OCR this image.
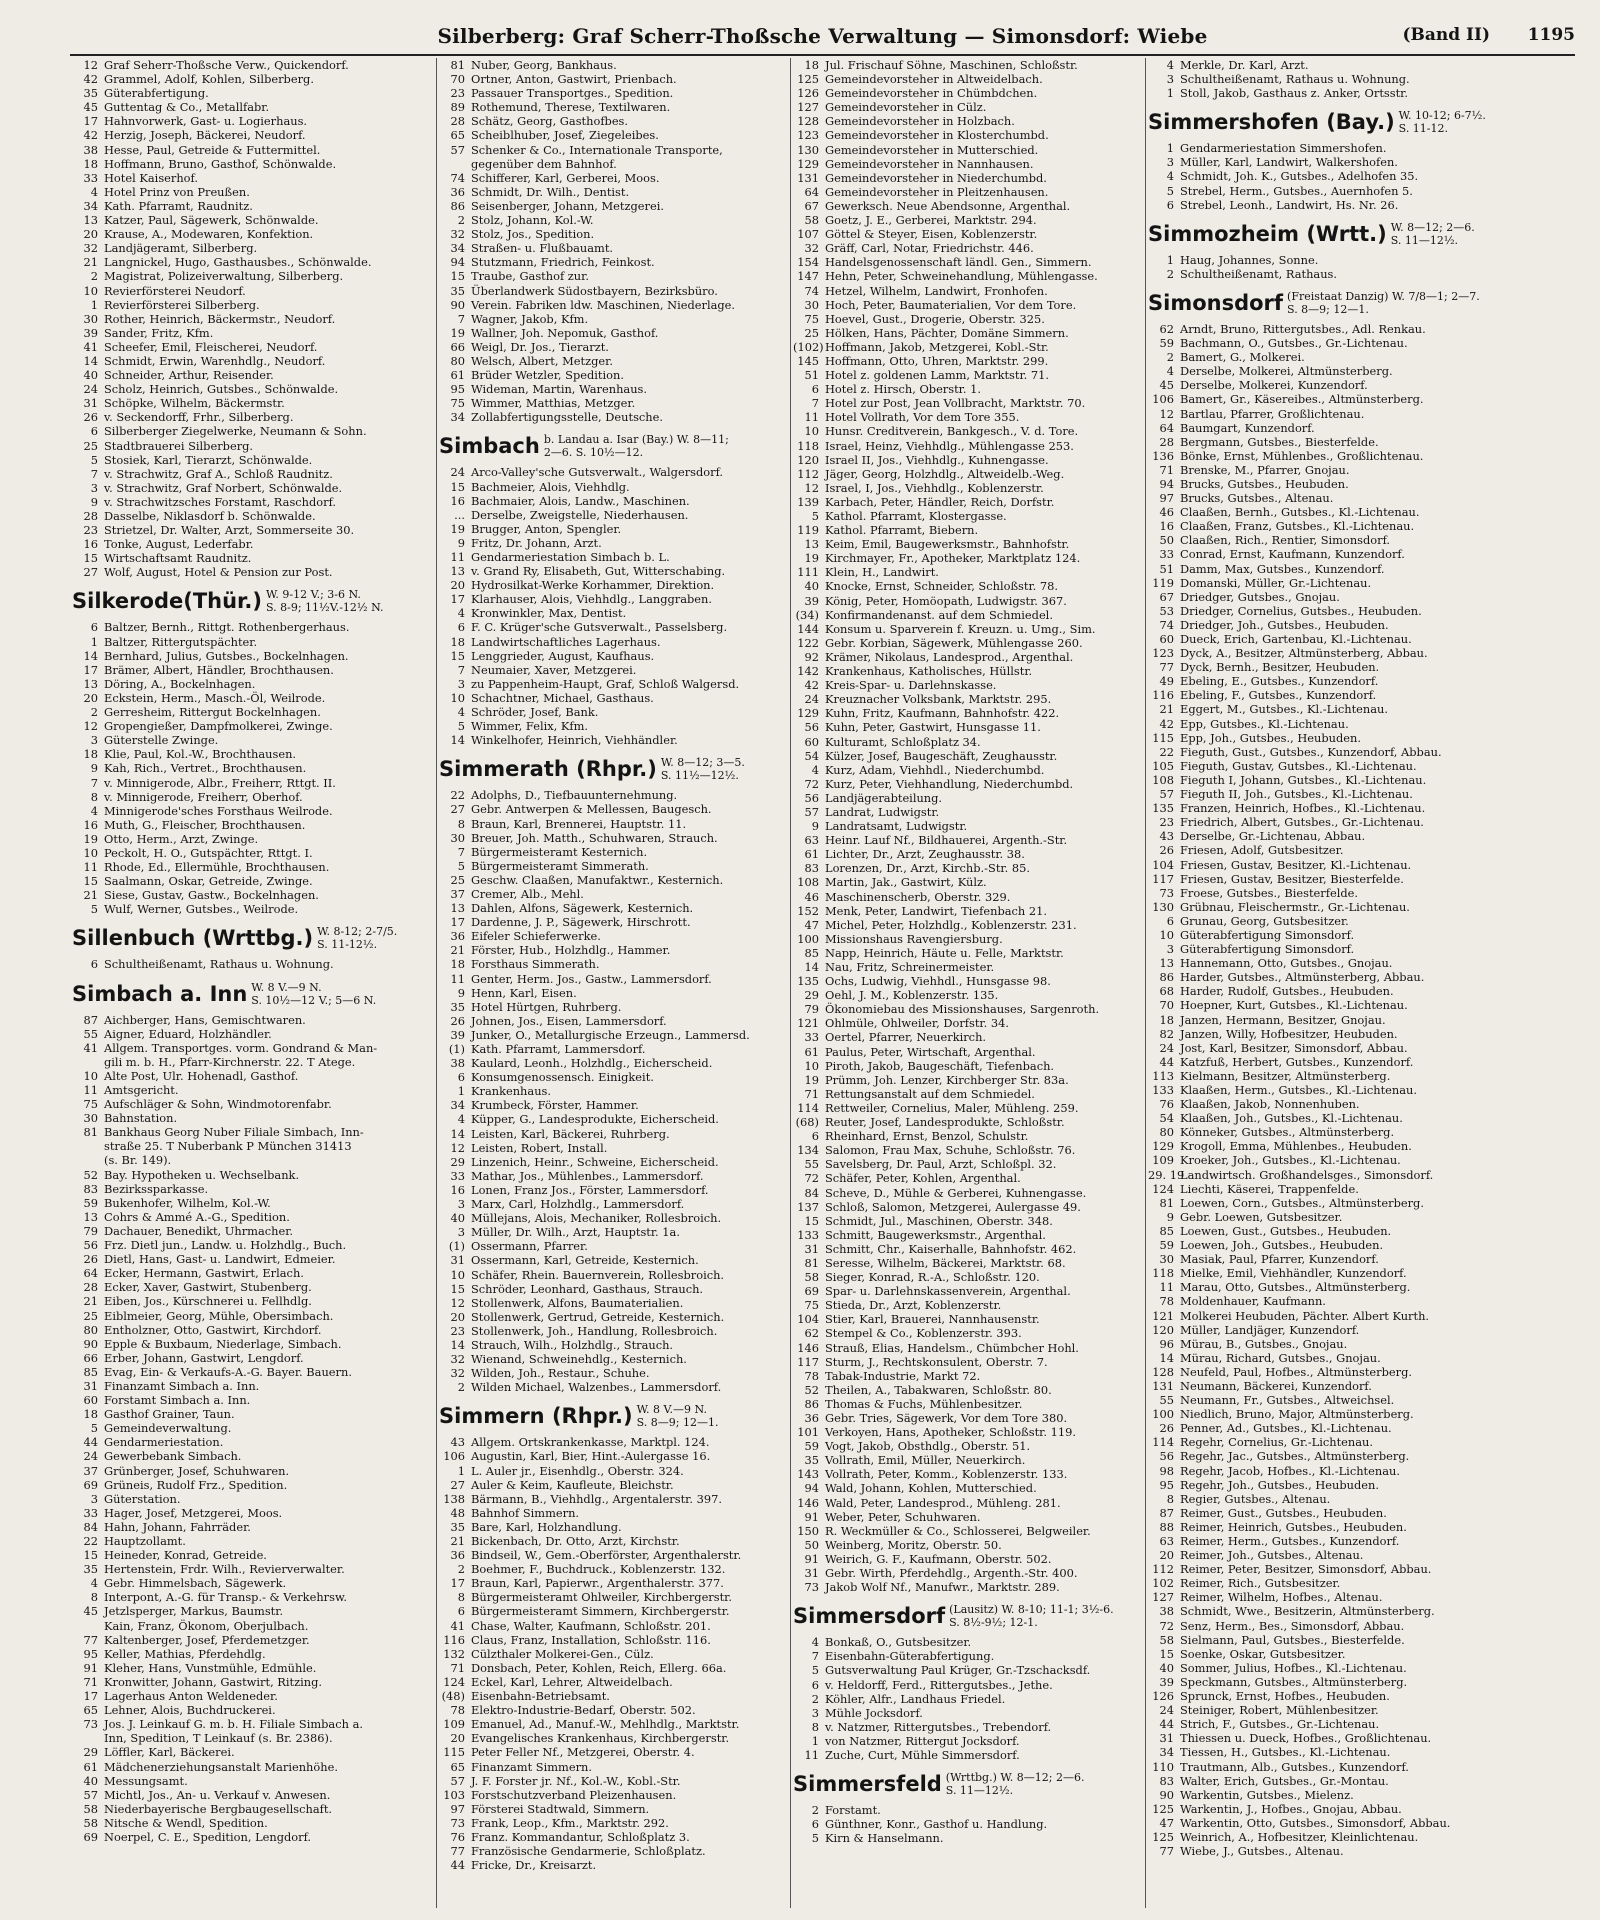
Silberberg: Graf Scherr-Thoßsche Verwaltung — Simonsdorf: Wiebe	(Band II) 1195
12 Graf Seherr-Thoßsche Verw., Quickendorf.
42 Grammel, Adolf, Kohlen, Silberberg.
35 Güterabfertigung.
45 Guttentag & Co., Metallfabr.
17 Hahnvorwerk, Gast- u. Logierhaus.
42 Herzig, Joseph, Bäckerei, Neudorf.
38 Hesse, Paul, Getreide & Futtermittel.
18 Hoffmann, Bruno, Gasthof, Schönwalde.
33 Hotel Kaiserhof.
4 Hotel Prinz von Preußen.
34 Kath. Pfarramt, Raudnitz.
13 Katzer, Paul, Sägewerk, Schönwalde.
20 Krause, A., Modewaren, Konfektion.
32 Landjägeramt, Silberberg.
21 Langnickel, Hugo, Gasthausbes., Schönwalde.
2 Magistrat, Polizeiverwaltung, Silberberg.
10 Revierförsterei Neudorf.
1 Revierförsterei Silberberg.
30 Rother, Heinrich, Bäckermstr., Neudorf.
39 Sander, Fritz, Kfm.
41 Scheefer, Emil, Fleischerei, Neudorf.
14 Schmidt, Erwin, Warenhdlg., Neudorf.
40 Schneider, Arthur, Reisender.
24 Scholz, Heinrich, Gutsbes., Schönwalde.
31 Schöpke, Wilhelm, Bäckermstr.
26 v. Seckendorff, Frhr., Silberberg.
6 Silberberger Ziegelwerke, Neumann & Sohn.
25 Stadtbrauerei Silberberg.
5 Stosiek, Karl, Tierarzt, Schönwalde.
7 v. Strachwitz, Graf A., Schloß Raudnitz.
3 v. Strachwitz, Graf Norbert, Schönwalde.
9 v. Strachwitzsches Forstamt, Raschdorf.
28 Dasselbe, Niklasdorf b. Schönwalde.
23 Strietzel, Dr. Walter, Arzt, Sommerseite 30.
16 Tonke, August, Lederfabr.
15 Wirtschaftsamt Raudnitz.
27 Wolf, August, Hotel & Pension zur Post.
Silkerode(Thür.) W. 9-12 V.; 3-6 N.
S. 8-9; 11½V.-12½ N.
6 Baltzer, Bernh., Rittgt. Rothenbergerhaus.
1 Baltzer, Rittergutspächter.
14 Bernhard, Julius, Gutsbes., Bockelnhagen.
17 Brämer, Albert, Händler, Brochthausen.
13 Döring, A., Bockelnhagen.
20 Eckstein, Herm., Masch.-Öl, Weilrode.
2 Gerresheim, Rittergut Bockelnhagen.
12 Gropengießer, Dampfmolkerei, Zwinge.
3 Güterstelle Zwinge.
18 Klie, Paul, Kol.-W., Brochthausen.
9 Kah, Rich., Vertret., Brochthausen.
7 v. Minnigerode, Albr., Freiherr, Rttgt. II.
8 v. Minnigerode, Freiherr, Oberhof.
4 Minnigerode'sches Forsthaus Weilrode.
16 Muth, G., Fleischer, Brochthausen.
19 Otto, Herm., Arzt, Zwinge.
10 Peckolt, H. O., Gutspächter, Rttgt. I.
11 Rhode, Ed., Ellermühle, Brochthausen.
15 Saalmann, Oskar, Getreide, Zwinge.
21 Siese, Gustav, Gastw., Bockelnhagen.
5 Wulf, Werner, Gutsbes., Weilrode.
Sillenbuch (Wrttbg.) W. 8-12; 2-7/5.
S. 11-12½.
6 Schultheißenamt, Rathaus u. Wohnung.
Simbach a. Inn W. 8 V.—9 N.
S. 10½—12 V.; 5—6 N.
87 Aichberger, Hans, Gemischtwaren.
55 Aigner, Eduard, Holzhändler.
41 Allgem. Transportges. vorm. Gondrand & Man-
gili m. b. H., Pfarr-Kirchnerstr. 22. T Atege.
10 Alte Post, Ulr. Hohenadl, Gasthof.
11 Amtsgericht.
75 Aufschläger & Sohn, Windmotorenfabr.
30 Bahnstation.
81 Bankhaus Georg Nuber Filiale Simbach, Inn-
straße 25. T Nuberbank P München 31413
(s. Br. 149).
52 Bay. Hypotheken u. Wechselbank.
83 Bezirkssparkasse.
59 Bukenhofer, Wilhelm, Kol.-W.
13 Cohrs & Ammé A.-G., Spedition.
79 Dachauer, Benedikt, Uhrmacher.
56 Frz. Dietl jun., Landw. u. Holzhdlg., Buch.
26 Dietl, Hans, Gast- u. Landwirt, Edmeier.
64 Ecker, Hermann, Gastwirt, Erlach.
28 Ecker, Xaver, Gastwirt, Stubenberg.
21 Eiben, Jos., Kürschnerei u. Fellhdlg.
25 Eiblmeier, Georg, Mühle, Obersimbach.
80 Entholzner, Otto, Gastwirt, Kirchdorf.
90 Epple & Buxbaum, Niederlage, Simbach.
66 Erber, Johann, Gastwirt, Lengdorf.
85 Evag, Ein- & Verkaufs-A.-G. Bayer. Bauern.
31 Finanzamt Simbach a. Inn.
60 Forstamt Simbach a. Inn.
18 Gasthof Grainer, Taun.
5 Gemeindeverwaltung.
44 Gendarmeriestation.
24 Gewerbebank Simbach.
37 Grünberger, Josef, Schuhwaren.
69 Grüneis, Rudolf Frz., Spedition.
3 Güterstation.
33 Hager, Josef, Metzgerei, Moos.
84 Hahn, Johann, Fahrräder.
22 Hauptzollamt.
15 Heineder, Konrad, Getreide.
35 Hertenstein, Frdr. Wilh., Revierverwalter.
4 Gebr. Himmelsbach, Sägewerk.
8 Interpont, A.-G. für Transp.- & Verkehrsw.
45 Jetzlsperger, Markus, Baumstr.
Kain, Franz, Ökonom, Oberjulbach.
77 Kaltenberger, Josef, Pferdemetzger.
95 Keller, Mathias, Pferdehdlg.
91 Kleher, Hans, Vunstmühle, Edmühle.
71 Kronwitter, Johann, Gastwirt, Ritzing.
17 Lagerhaus Anton Weldeneder.
65 Lehner, Alois, Buchdruckerei.
73 Jos. J. Leinkauf G. m. b. H. Filiale Simbach a.
Inn, Spedition, T Leinkauf (s. Br. 2386).
29 Löffler, Karl, Bäckerei.
61 Mädchenerziehungsanstalt Marienhöhe.
40 Messungsamt.
57 Michtl, Jos., An- u. Verkauf v. Anwesen.
58 Niederbayerische Bergbaugesellschaft.
58 Nitsche & Wendl, Spedition.
69 Noerpel, C. E., Spedition, Lengdorf.
81 Nuber, Georg, Bankhaus.
70 Ortner, Anton, Gastwirt, Prienbach.
23 Passauer Transportges., Spedition.
89 Rothemund, Therese, Textilwaren.
28 Schätz, Georg, Gasthofbes.
65 Scheiblhuber, Josef, Ziegeleibes.
57 Schenker & Co., Internationale Transporte,
gegenüber dem Bahnhof.
74 Schifferer, Karl, Gerberei, Moos.
36 Schmidt, Dr. Wilh., Dentist.
86 Seisenberger, Johann, Metzgerei.
2 Stolz, Johann, Kol.-W.
32 Stolz, Jos., Spedition.
34 Straßen- u. Flußbauamt.
94 Stutzmann, Friedrich, Feinkost.
15 Traube, Gasthof zur.
35 Überlandwerk Südostbayern, Bezirksbüro.
90 Verein. Fabriken ldw. Maschinen, Niederlage.
7 Wagner, Jakob, Kfm.
19 Wallner, Joh. Nepomuk, Gasthof.
66 Weigl, Dr. Jos., Tierarzt.
80 Welsch, Albert, Metzger.
61 Brüder Wetzler, Spedition.
95 Wideman, Martin, Warenhaus.
75 Wimmer, Matthias, Metzger.
34 Zollabfertigungsstelle, Deutsche.
Simbach b. Landau a. Isar (Bay.) W. 8—11;
2—6. S. 10½—12.
24 Arco-Valley'sche Gutsverwalt., Walgersdorf.
15 Bachmeier, Alois, Viehhdlg.
16 Bachmaier, Alois, Landw., Maschinen.
... Derselbe, Zweigstelle, Niederhausen.
19 Brugger, Anton, Spengler.
9 Fritz, Dr. Johann, Arzt.
11 Gendarmeriestation Simbach b. L.
13 v. Grand Ry, Elisabeth, Gut, Witterschabing.
20 Hydrosilkat-Werke Korhammer, Direktion.
17 Klarhauser, Alois, Viehhdlg., Langgraben.
4 Kronwinkler, Max, Dentist.
6 F. C. Krüger'sche Gutsverwalt., Passelsberg.
18 Landwirtschaftliches Lagerhaus.
15 Lenggrieder, August, Kaufhaus.
7 Neumaier, Xaver, Metzgerei.
3 zu Pappenheim-Haupt, Graf, Schloß Walgersd.
10 Schachtner, Michael, Gasthaus.
4 Schröder, Josef, Bank.
5 Wimmer, Felix, Kfm.
14 Winkelhofer, Heinrich, Viehhändler.
Simmerath (Rhpr.) W. 8—12; 3—5.
S. 11½—12½.
22 Adolphs, D., Tiefbauunternehmung.
27 Gebr. Antwerpen & Mellessen, Baugesch.
8 Braun, Karl, Brennerei, Hauptstr. 11.
30 Breuer, Joh. Matth., Schuhwaren, Strauch.
7 Bürgermeisteramt Kesternich.
5 Bürgermeisteramt Simmerath.
25 Geschw. Claaßen, Manufaktwr., Kesternich.
37 Cremer, Alb., Mehl.
13 Dahlen, Alfons, Sägewerk, Kesternich.
17 Dardenne, J. P., Sägewerk, Hirschrott.
36 Eifeler Schieferwerke.
21 Förster, Hub., Holzhdlg., Hammer.
18 Forsthaus Simmerath.
11 Genter, Herm. Jos., Gastw., Lammersdorf.
9 Henn, Karl, Eisen.
35 Hotel Hürtgen, Ruhrberg.
26 Johnen, Jos., Eisen, Lammersdorf.
39 Junker, O., Metallurgische Erzeugn., Lammersd.
(1) Kath. Pfarramt, Lammersdorf.
38 Kaulard, Leonh., Holzhdlg., Eicherscheid.
6 Konsumgenossensch. Einigkeit.
1 Krankenhaus.
34 Krumbeck, Förster, Hammer.
4 Küpper, G., Landesprodukte, Eicherscheid.
14 Leisten, Karl, Bäckerei, Ruhrberg.
12 Leisten, Robert, Install.
29 Linzenich, Heinr., Schweine, Eicherscheid.
33 Mathar, Jos., Mühlenbes., Lammersdorf.
16 Lonen, Franz Jos., Förster, Lammersdorf.
3 Marx, Carl, Holzhdlg., Lammersdorf.
40 Müllejans, Alois, Mechaniker, Rollesbroich.
3 Müller, Dr. Wilh., Arzt, Hauptstr. 1a.
(1) Ossermann, Pfarrer.
31 Ossermann, Karl, Getreide, Kesternich.
10 Schäfer, Rhein. Bauernverein, Rollesbroich.
15 Schröder, Leonhard, Gasthaus, Strauch.
12 Stollenwerk, Alfons, Baumaterialien.
20 Stollenwerk, Gertrud, Getreide, Kesternich.
23 Stollenwerk, Joh., Handlung, Rollesbroich.
14 Strauch, Wilh., Holzhdlg., Strauch.
32 Wienand, Schweinehdlg., Kesternich.
32 Wilden, Joh., Restaur., Schuhe.
2 Wilden Michael, Walzenbes., Lammersdorf.
Simmern (Rhpr.) W. 8 V.—9 N.
S. 8—9; 12—1.
43 Allgem. Ortskrankenkasse, Marktpl. 124.
106 Augustin, Karl, Bier, Hint.-Aulergasse 16.
1 L. Auler jr., Eisenhdlg., Oberstr. 324.
27 Auler & Keim, Kaufleute, Bleichstr.
138 Bärmann, B., Viehhdlg., Argentalerstr. 397.
48 Bahnhof Simmern.
35 Bare, Karl, Holzhandlung.
21 Bickenbach, Dr. Otto, Arzt, Kirchstr.
36 Bindseil, W., Gem.-Oberförster, Argenthalerstr.
2 Boehmer, F., Buchdruck., Koblenzerstr. 132.
17 Braun, Karl, Papierwr., Argenthalerstr. 377.
8 Bürgermeisteramt Ohlweiler, Kirchbergerstr.
6 Bürgermeisteramt Simmern, Kirchbergerstr.
41 Chase, Walter, Kaufmann, Schloßstr. 201.
116 Claus, Franz, Installation, Schloßstr. 116.
132 Cülzthaler Molkerei-Gen., Cülz.
71 Donsbach, Peter, Kohlen, Reich, Ellerg. 66a.
124 Eckel, Karl, Lehrer, Altweidelbach.
(48) Eisenbahn-Betriebsamt.
78 Elektro-Industrie-Bedarf, Oberstr. 502.
109 Emanuel, Ad., Manuf.-W., Mehlhdlg., Marktstr.
20 Evangelisches Krankenhaus, Kirchbergerstr.
115 Peter Feller Nf., Metzgerei, Oberstr. 4.
65 Finanzamt Simmern.
57 J. F. Forster jr. Nf., Kol.-W., Kobl.-Str.
103 Forstschutzverband Pleizenhausen.
97 Försterei Stadtwald, Simmern.
73 Frank, Leop., Kfm., Marktstr. 292.
76 Franz. Kommandantur, Schloßplatz 3.
77 Französische Gendarmerie, Schloßplatz.
44 Fricke, Dr., Kreisarzt.
18 Jul. Frischauf Söhne, Maschinen, Schloßstr.
125 Gemeindevorsteher in Altweidelbach.
126 Gemeindevorsteher in Chümbdchen.
127 Gemeindevorsteher in Cülz.
128 Gemeindevorsteher in Holzbach.
123 Gemeindevorsteher in Klosterchumbd.
130 Gemeindevorsteher in Mutterschied.
129 Gemeindevorsteher in Nannhausen.
131 Gemeindevorsteher in Niederchumbd.
64 Gemeindevorsteher in Pleitzenhausen.
67 Gewerksch. Neue Abendsonne, Argenthal.
58 Goetz, J. E., Gerberei, Marktstr. 294.
107 Göttel & Steyer, Eisen, Koblenzerstr.
32 Gräff, Carl, Notar, Friedrichstr. 446.
154 Handelsgenossenschaft ländl. Gen., Simmern.
147 Hehn, Peter, Schweinehandlung, Mühlengasse.
74 Hetzel, Wilhelm, Landwirt, Fronhofen.
30 Hoch, Peter, Baumaterialien, Vor dem Tore.
75 Hoevel, Gust., Drogerie, Oberstr. 325.
25 Hölken, Hans, Pächter, Domäne Simmern.
(102)Hoffmann, Jakob, Metzgerei, Kobl.-Str.
145 Hoffmann, Otto, Uhren, Marktstr. 299.
51 Hotel z. goldenen Lamm, Marktstr. 71.
6 Hotel z. Hirsch, Oberstr. 1.
7 Hotel zur Post, Jean Vollbracht, Marktstr. 70.
11 Hotel Vollrath, Vor dem Tore 355.
10 Hunsr. Creditverein, Bankgesch., V. d. Tore.
118 Israel, Heinz, Viehhdlg., Mühlengasse 253.
120 Israel II, Jos., Viehhdlg., Kuhnengasse.
112 Jäger, Georg, Holzhdlg., Altweidelb.-Weg.
12 Israel, I, Jos., Viehhdlg., Koblenzerstr.
139 Karbach, Peter, Händler, Reich, Dorfstr.
5 Kathol. Pfarramt, Klostergasse.
119 Kathol. Pfarramt, Biebern.
13 Keim, Emil, Baugewerksmstr., Bahnhofstr.
19 Kirchmayer, Fr., Apotheker, Marktplatz 124.
111 Klein, H., Landwirt.
40 Knocke, Ernst, Schneider, Schloßstr. 78.
39 König, Peter, Homöopath, Ludwigstr. 367.
(34) Konfirmandenanst. auf dem Schmiedel.
144 Konsum u. Sparverein f. Kreuzn. u. Umg., Sim.
122 Gebr. Korbian, Sägewerk, Mühlengasse 260.
92 Krämer, Nikolaus, Landesprod., Argenthal.
142 Krankenhaus, Katholisches, Hüllstr.
42 Kreis-Spar- u. Darlehnskasse.
24 Kreuznacher Volksbank, Marktstr. 295.
129 Kuhn, Fritz, Kaufmann, Bahnhofstr. 422.
56 Kuhn, Peter, Gastwirt, Hunsgasse 11.
60 Kulturamt, Schloßplatz 34.
54 Külzer, Josef, Baugeschäft, Zeughausstr.
4 Kurz, Adam, Viehhdl., Niederchumbd.
72 Kurz, Peter, Viehhandlung, Niederchumbd.
56 Landjägerabteilung.
57 Landrat, Ludwigstr.
9 Landratsamt, Ludwigstr.
63 Heinr. Lauf Nf., Bildhauerei, Argenth.-Str.
61 Lichter, Dr., Arzt, Zeughausstr. 38.
83 Lorenzen, Dr., Arzt, Kirchb.-Str. 85.
108 Martin, Jak., Gastwirt, Külz.
46 Maschinenscherb, Oberstr. 329.
152 Menk, Peter, Landwirt, Tiefenbach 21.
47 Michel, Peter, Holzhdlg., Koblenzerstr. 231.
100 Missionshaus Ravengiersburg.
85 Napp, Heinrich, Häute u. Felle, Marktstr.
14 Nau, Fritz, Schreinermeister.
135 Ochs, Ludwig, Viehhdl., Hunsgasse 98.
29 Oehl, J. M., Koblenzerstr. 135.
79 Ökonomiebau des Missionshauses, Sargenroth.
121 Ohlmüle, Ohlweiler, Dorfstr. 34.
33 Oertel, Pfarrer, Neuerkirch.
61 Paulus, Peter, Wirtschaft, Argenthal.
10 Piroth, Jakob, Baugeschäft, Tiefenbach.
19 Prümm, Joh. Lenzer, Kirchberger Str. 83a.
71 Rettungsanstalt auf dem Schmiedel.
114 Rettweiler, Cornelius, Maler, Mühleng. 259.
(68) Reuter, Josef, Landesprodukte, Schloßstr.
6 Rheinhard, Ernst, Benzol, Schulstr.
134 Salomon, Frau Max, Schuhe, Schloßstr. 76.
55 Savelsberg, Dr. Paul, Arzt, Schloßpl. 32.
72 Schäfer, Peter, Kohlen, Argenthal.
84 Scheve, D., Mühle & Gerberei, Kuhnengasse.
137 Schloß, Salomon, Metzgerei, Aulergasse 49.
15 Schmidt, Jul., Maschinen, Oberstr. 348.
133 Schmitt, Baugewerksmstr., Argenthal.
31 Schmitt, Chr., Kaiserhalle, Bahnhofstr. 462.
81 Seresse, Wilhelm, Bäckerei, Marktstr. 68.
58 Sieger, Konrad, R.-A., Schloßstr. 120.
69 Spar- u. Darlehnskassenverein, Argenthal.
75 Stieda, Dr., Arzt, Koblenzerstr.
104 Stier, Karl, Brauerei, Nannhausenstr.
62 Stempel & Co., Koblenzerstr. 393.
146 Strauß, Elias, Handelsm., Chümbcher Hohl.
117 Sturm, J., Rechtskonsulent, Oberstr. 7.
78 Tabak-Industrie, Markt 72.
52 Theilen, A., Tabakwaren, Schloßstr. 80.
86 Thomas & Fuchs, Mühlenbesitzer.
36 Gebr. Tries, Sägewerk, Vor dem Tore 380.
101 Verkoyen, Hans, Apotheker, Schloßstr. 119.
59 Vogt, Jakob, Obsthdlg., Oberstr. 51.
35 Vollrath, Emil, Müller, Neuerkirch.
143 Vollrath, Peter, Komm., Koblenzerstr. 133.
94 Wald, Johann, Kohlen, Mutterschied.
146 Wald, Peter, Landesprod., Mühleng. 281.
91 Weber, Peter, Schuhwaren.
150 R. Weckmüller & Co., Schlosserei, Belgweiler.
50 Weinberg, Moritz, Oberstr. 50.
91 Weirich, G. F., Kaufmann, Oberstr. 502.
31 Gebr. Wirth, Pferdehdlg., Argenth.-Str. 400.
73 Jakob Wolf Nf., Manufwr., Marktstr. 289.
Simmersdorf (Lausitz) W. 8-10; 11-1; 3½-6.
S. 8½-9½; 12-1.
4 Bonkaß, O., Gutsbesitzer.
7 Eisenbahn-Güterabfertigung.
5 Gutsverwaltung Paul Krüger, Gr.-Tzschacksdf.
6 v. Heldorff, Ferd., Rittergutsbes., Jethe.
2 Köhler, Alfr., Landhaus Friedel.
3 Mühle Jocksdorf.
8 v. Natzmer, Rittergutsbes., Trebendorf.
1 von Natzmer, Rittergut Jocksdorf.
11 Zuche, Curt, Mühle Simmersdorf.
Simmersfeld (Wrttbg.) W. 8—12; 2—6.
S. 11—12½.
2 Forstamt.
6 Günthner, Konr., Gasthof u. Handlung.
5 Kirn & Hanselmann.
4 Merkle, Dr. Karl, Arzt.
3 Schultheißenamt, Rathaus u. Wohnung.
1 Stoll, Jakob, Gasthaus z. Anker, Ortsstr.
Simmershofen (Bay.) W. 10-12; 6-7½.
S. 11-12.
1 Gendarmeriestation Simmershofen.
3 Müller, Karl, Landwirt, Walkershofen.
4 Schmidt, Joh. K., Gutsbes., Adelhofen 35.
5 Strebel, Herm., Gutsbes., Auernhofen 5.
6 Strebel, Leonh., Landwirt, Hs. Nr. 26.
Simmozheim (Wrtt.) W. 8—12; 2—6.
S. 11—12½.
1 Haug, Johannes, Sonne.
2 Schultheißenamt, Rathaus.
Simonsdorf (Freistaat Danzig) W. 7/8—1; 2—7.
S. 8—9; 12—1.
62 Arndt, Bruno, Rittergutsbes., Adl. Renkau.
59 Bachmann, O., Gutsbes., Gr.-Lichtenau.
2 Bamert, G., Molkerei.
4 Derselbe, Molkerei, Altmünsterberg.
45 Derselbe, Molkerei, Kunzendorf.
106 Bamert, Gr., Käsereibes., Altmünsterberg.
12 Bartlau, Pfarrer, Großlichtenau.
64 Baumgart, Kunzendorf.
28 Bergmann, Gutsbes., Biesterfelde.
136 Bönke, Ernst, Mühlenbes., Großlichtenau.
71 Brenske, M., Pfarrer, Gnojau.
94 Brucks, Gutsbes., Heubuden.
97 Brucks, Gutsbes., Altenau.
46 Claaßen, Bernh., Gutsbes., Kl.-Lichtenau.
16 Claaßen, Franz, Gutsbes., Kl.-Lichtenau.
50 Claaßen, Rich., Rentier, Simonsdorf.
33 Conrad, Ernst, Kaufmann, Kunzendorf.
51 Damm, Max, Gutsbes., Kunzendorf.
119 Domanski, Müller, Gr.-Lichtenau.
67 Driedger, Gutsbes., Gnojau.
53 Driedger, Cornelius, Gutsbes., Heubuden.
74 Driedger, Joh., Gutsbes., Heubuden.
60 Dueck, Erich, Gartenbau, Kl.-Lichtenau.
123 Dyck, A., Besitzer, Altmünsterberg, Abbau.
77 Dyck, Bernh., Besitzer, Heubuden.
49 Ebeling, E., Gutsbes., Kunzendorf.
116 Ebeling, F., Gutsbes., Kunzendorf.
21 Eggert, M., Gutsbes., Kl.-Lichtenau.
42 Epp, Gutsbes., Kl.-Lichtenau.
115 Epp, Joh., Gutsbes., Heubuden.
22 Fieguth, Gust., Gutsbes., Kunzendorf, Abbau.
105 Fieguth, Gustav, Gutsbes., Kl.-Lichtenau.
108 Fieguth I, Johann, Gutsbes., Kl.-Lichtenau.
57 Fieguth II, Joh., Gutsbes., Kl.-Lichtenau.
135 Franzen, Heinrich, Hofbes., Kl.-Lichtenau.
23 Friedrich, Albert, Gutsbes., Gr.-Lichtenau.
43 Derselbe, Gr.-Lichtenau, Abbau.
26 Friesen, Adolf, Gutsbesitzer.
104 Friesen, Gustav, Besitzer, Kl.-Lichtenau.
117 Friesen, Gustav, Besitzer, Biesterfelde.
73 Froese, Gutsbes., Biesterfelde.
130 Grübnau, Fleischermstr., Gr.-Lichtenau.
6 Grunau, Georg, Gutsbesitzer.
10 Güterabfertigung Simonsdorf.
3 Güterabfertigung Simonsdorf.
13 Hannemann, Otto, Gutsbes., Gnojau.
86 Harder, Gutsbes., Altmünsterberg, Abbau.
68 Harder, Rudolf, Gutsbes., Heubuden.
70 Hoepner, Kurt, Gutsbes., Kl.-Lichtenau.
18 Janzen, Hermann, Besitzer, Gnojau.
82 Janzen, Willy, Hofbesitzer, Heubuden.
24 Jost, Karl, Besitzer, Simonsdorf, Abbau.
44 Katzfuß, Herbert, Gutsbes., Kunzendorf.
113 Kielmann, Besitzer, Altmünsterberg.
133 Klaaßen, Herm., Gutsbes., Kl.-Lichtenau.
76 Klaaßen, Jakob, Nonnenhuben.
54 Klaaßen, Joh., Gutsbes., Kl.-Lichtenau.
80 Könneker, Gutsbes., Altmünsterberg.
129 Krogoll, Emma, Mühlenbes., Heubuden.
109 Kroeker, Joh., Gutsbes., Kl.-Lichtenau.
29. 19Landwirtsch. Großhandelsges., Simonsdorf.
124 Liechti, Käserei, Trappenfelde.
81 Loewen, Corn., Gutsbes., Altmünsterberg.
9 Gebr. Loewen, Gutsbesitzer.
85 Loewen, Gust., Gutsbes., Heubuden.
59 Loewen, Joh., Gutsbes., Heubuden.
30 Masiak, Paul, Pfarrer, Kunzendorf.
118 Mielke, Emil, Viehhändler, Kunzendorf.
11 Marau, Otto, Gutsbes., Altmünsterberg.
78 Moldenhauer, Kaufmann.
121 Molkerei Heubuden, Pächter. Albert Kurth.
120 Müller, Landjäger, Kunzendorf.
96 Mürau, B., Gutsbes., Gnojau.
14 Mürau, Richard, Gutsbes., Gnojau.
128 Neufeld, Paul, Hofbes., Altmünsterberg.
131 Neumann, Bäckerei, Kunzendorf.
55 Neumann, Fr., Gutsbes., Altweichsel.
100 Niedlich, Bruno, Major, Altmünsterberg.
26 Penner, Ad., Gutsbes., Kl.-Lichtenau.
114 Regehr, Cornelius, Gr.-Lichtenau.
56 Regehr, Jac., Gutsbes., Altmünsterberg.
98 Regehr, Jacob, Hofbes., Kl.-Lichtenau.
95 Regehr, Joh., Gutsbes., Heubuden.
8 Regier, Gutsbes., Altenau.
87 Reimer, Gust., Gutsbes., Heubuden.
88 Reimer, Heinrich, Gutsbes., Heubuden.
63 Reimer, Herm., Gutsbes., Kunzendorf.
20 Reimer, Joh., Gutsbes., Altenau.
112 Reimer, Peter, Besitzer, Simonsdorf, Abbau.
102 Reimer, Rich., Gutsbesitzer.
127 Reimer, Wilhelm, Hofbes., Altenau.
38 Schmidt, Wwe., Besitzerin, Altmünsterberg.
72 Senz, Herm., Bes., Simonsdorf, Abbau.
58 Sielmann, Paul, Gutsbes., Biesterfelde.
15 Soenke, Oskar, Gutsbesitzer.
40 Sommer, Julius, Hofbes., Kl.-Lichtenau.
39 Speckmann, Gutsbes., Altmünsterberg.
126 Sprunck, Ernst, Hofbes., Heubuden.
24 Steiniger, Robert, Mühlenbesitzer.
44 Strich, F., Gutsbes., Gr.-Lichtenau.
31 Thiessen u. Dueck, Hofbes., Großlichtenau.
34 Tiessen, H., Gutsbes., Kl.-Lichtenau.
110 Trautmann, Alb., Gutsbes., Kunzendorf.
83 Walter, Erich, Gutsbes., Gr.-Montau.
90 Warkentin, Gutsbes., Mielenz.
125 Warkentin, J., Hofbes., Gnojau, Abbau.
47 Warkentin, Otto, Gutsbes., Simonsdorf, Abbau.
125 Weinrich, A., Hofbesitzer, Kleinlichtenau.
77 Wiebe, J., Gutsbes., Altenau.
